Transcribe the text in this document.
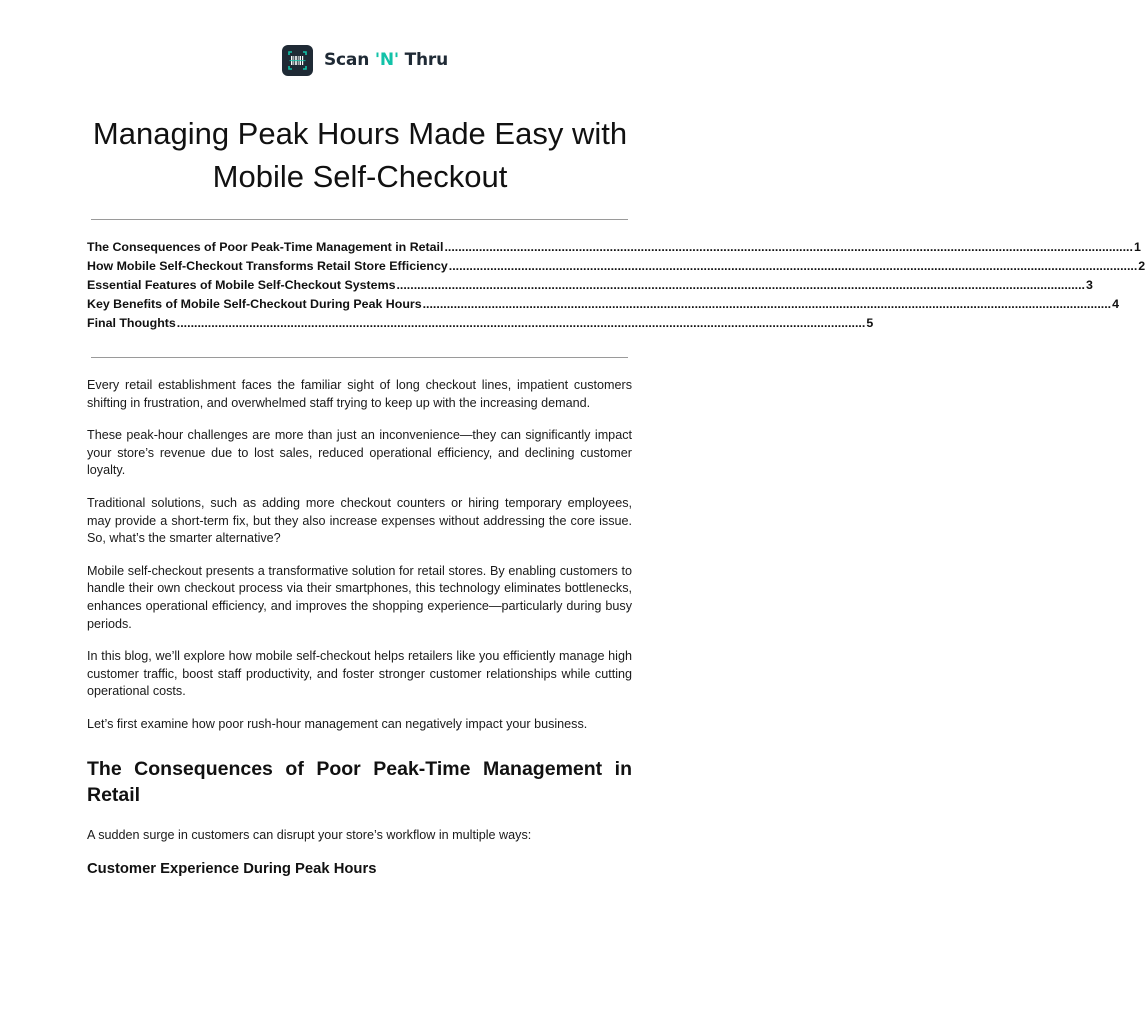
Scan 'N' Thru
Managing Peak Hours Made Easy with Mobile Self-Checkout
The Consequences of Poor Peak-Time Management in Retail ........................................................................................................................................................................................................ 1
How Mobile Self-Checkout Transforms Retail Store Efficiency ........................................................................................................................................................................................................ 2
Essential Features of Mobile Self-Checkout Systems ........................................................................................................................................................................................................ 3
Key Benefits of Mobile Self-Checkout During Peak Hours ........................................................................................................................................................................................................ 4
Final Thoughts ........................................................................................................................................................................................................ 5

Every retail establishment faces the familiar sight of long checkout lines, impatient customers shifting in frustration, and overwhelmed staff trying to keep up with the increasing demand.

These peak-hour challenges are more than just an inconvenience—they can significantly impact your store’s revenue due to lost sales, reduced operational efficiency, and declining customer loyalty.

Traditional solutions, such as adding more checkout counters or hiring temporary employees, may provide a short-term fix, but they also increase expenses without addressing the core issue. So, what’s the smarter alternative?

Mobile self-checkout presents a transformative solution for retail stores. By enabling customers to handle their own checkout process via their smartphones, this technology eliminates bottlenecks, enhances operational efficiency, and improves the shopping experience—particularly during busy periods.

In this blog, we’ll explore how mobile self-checkout helps retailers like you efficiently manage high customer traffic, boost staff productivity, and foster stronger customer relationships while cutting operational costs.

Let’s first examine how poor rush-hour management can negatively impact your business.

The Consequences of Poor Peak-Time Management in Retail

A sudden surge in customers can disrupt your store’s workflow in multiple ways:

Customer Experience During Peak Hours
